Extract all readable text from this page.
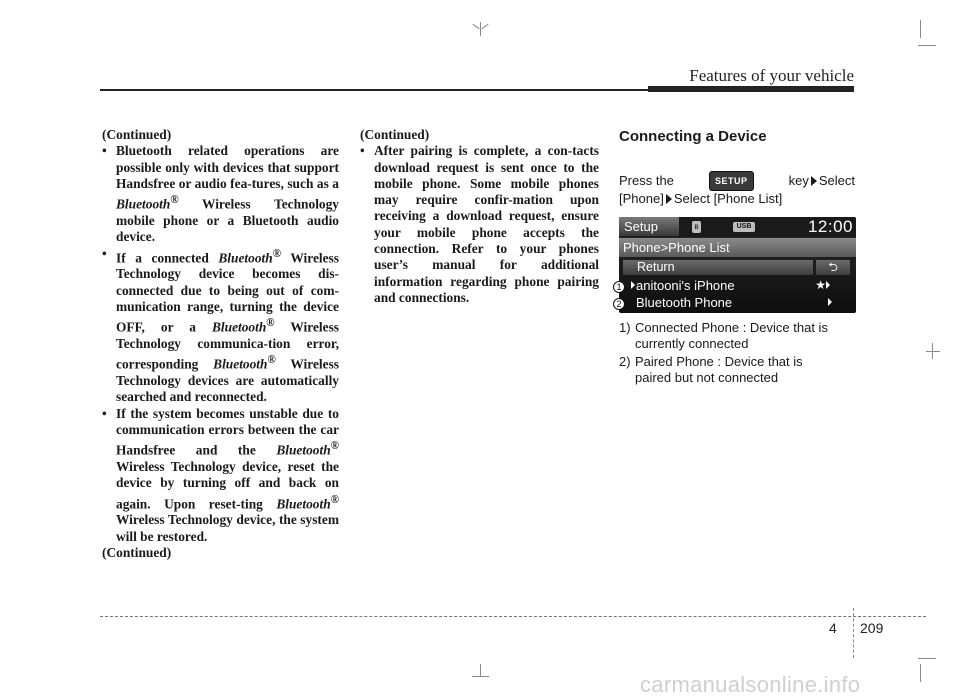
Features of your vehicle

(Continued)

• Bluetooth related operations are possible only with devices that support Handsfree or audio fea-tures, such as a Bluetooth® Wireless Technology mobile phone or a Bluetooth audio device.
• If a connected Bluetooth® Wireless Technology device becomes dis-connected due to being out of com-munication range, turning the device OFF, or a Bluetooth® Wireless Technology communica-tion error, corresponding Bluetooth® Wireless Technology devices are automatically searched and reconnected.
• If the system becomes unstable due to communication errors between the car Handsfree and the Bluetooth® Wireless Technology device, reset the device by turning off and back on again. Upon reset-ting Bluetooth® Wireless Technology device, the system will be restored.

(Continued)

(Continued)

• After pairing is complete, a con-tacts download request is sent once to the mobile phone. Some mobile phones may require confir-mation upon receiving a download request, ensure your mobile phone accepts the connection. Refer to your phones user’s manual for additional information regarding phone pairing and connections.
Connecting a Device
Press the	SETUP	key Select
[Phone] Select [Phone List]
Setup	ʙ	USB	12:00
Phone>Phone List
Return	⮌
anitooni's iPhone	★
Bluetooth Phone
1
2
1) Connected Phone : Device that is
currently connected
2) Paired Phone : Device that is
paired but not connected
4 209
carmanualsonline.info
